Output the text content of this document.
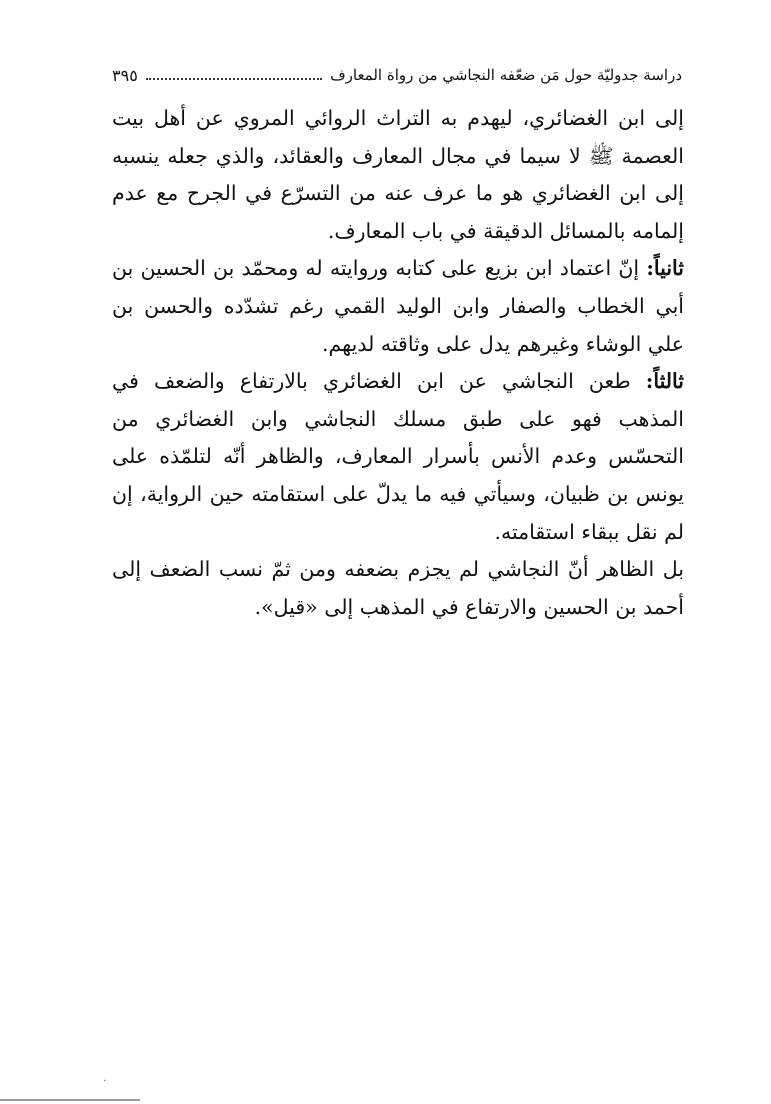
دراسة جدوليّة حول مَن ضعّفه النجاشي من رواة المعارف
٣٩٥

إلى ابن الغضائري، ليهدم به التراث الروائي المروي عن أهل بيت العصمة ﷺ لا سيما في مجال المعارف والعقائد، والذي جعله ينسبه إلى ابن الغضائري هو ما عرف عنه من التسرّع في الجرح مع عدم إلمامه بالمسائل الدقيقة في باب المعارف.

ثانياً: إنّ اعتماد ابن بزيع على كتابه وروايته له ومحمّد بن الحسين بن أبي الخطاب والصفار وابن الوليد القمي رغم تشدّده والحسن بن علي الوشاء وغيرهم يدل على وثاقته لديهم.

ثالثاً: طعن النجاشي عن ابن الغضائري بالارتفاع والضعف في المذهب فهو على طبق مسلك النجاشي وابن الغضائري من التحسّس وعدم الأنس بأسرار المعارف، والظاهر أنّه لتلمّذه على يونس بن ظبيان، وسيأتي فيه ما يدلّ على استقامته حين الرواية، إن لم نقل ببقاء استقامته.

بل الظاهر أنّ النجاشي لم يجزم بضعفه ومن ثمّ نسب الضعف إلى أحمد بن الحسين والارتفاع في المذهب إلى «قيل».

.
